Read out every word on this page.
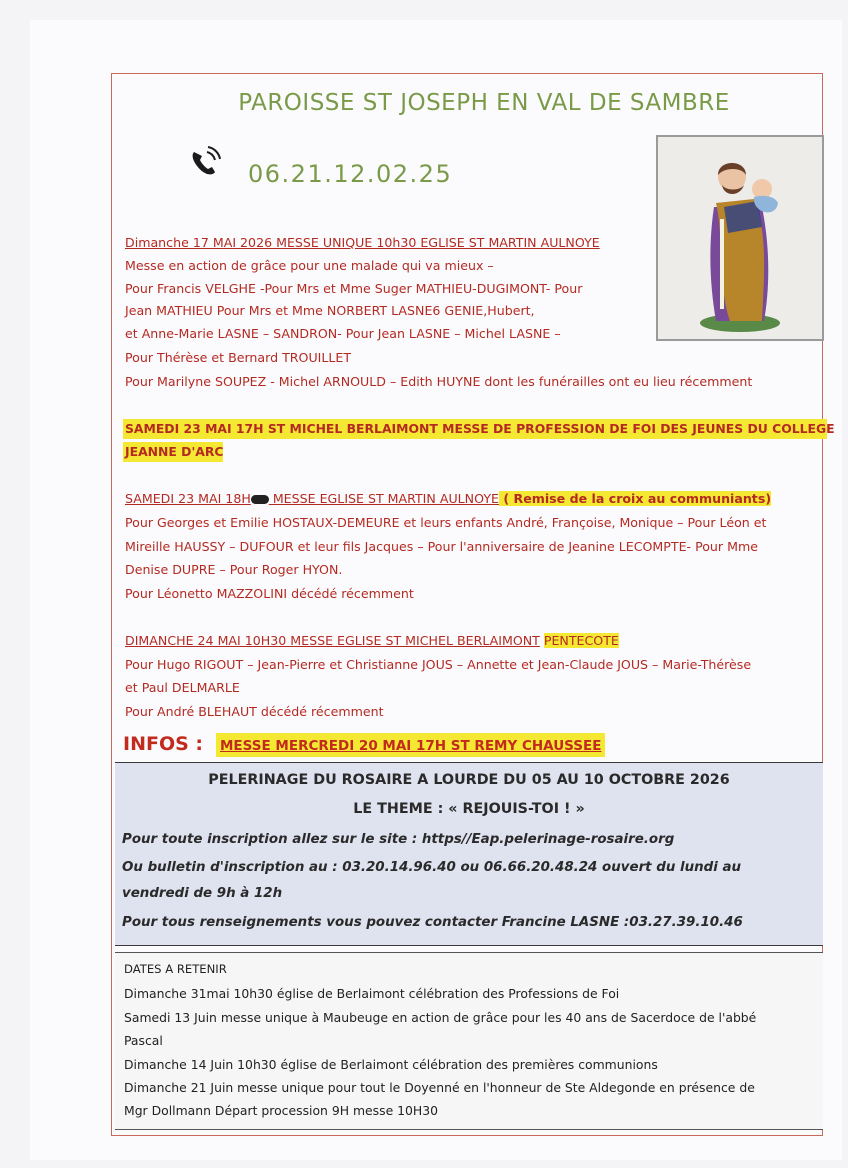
PAROISSE ST JOSEPH EN VAL DE SAMBRE
06.21.12.02.25
Dimanche 17 MAI 2026 MESSE UNIQUE 10h30 EGLISE ST MARTIN AULNOYE
Messe en action de grâce pour une malade qui va mieux –
Pour Francis VELGHE -Pour Mrs et Mme Suger MATHIEU-DUGIMONT- Pour
Jean MATHIEU Pour Mrs et Mme NORBERT LASNE6 GENIE,Hubert,
et Anne-Marie LASNE – SANDRON- Pour Jean LASNE – Michel LASNE –
Pour Thérèse et Bernard TROUILLET
Pour Marilyne SOUPEZ - Michel ARNOULD – Edith HUYNE dont les funérailles ont eu lieu récemment
SAMEDI 23 MAI 17H ST MICHEL BERLAIMONT MESSE DE PROFESSION DE FOI DES JEUNES DU COLLEGE
JEANNE D'ARC
SAMEDI 23 MAI 18H MESSE EGLISE ST MARTIN AULNOYE ( Remise de la croix au communiants)
Pour Georges et Emilie HOSTAUX-DEMEURE et leurs enfants André, Françoise, Monique – Pour Léon et
Mireille HAUSSY – DUFOUR et leur fils Jacques – Pour l'anniversaire de Jeanine LECOMPTE- Pour Mme
Denise DUPRE – Pour Roger HYON.
Pour Léonetto MAZZOLINI décédé récemment
DIMANCHE 24 MAI 10H30 MESSE EGLISE ST MICHEL BERLAIMONT PENTECOTE
Pour Hugo RIGOUT – Jean-Pierre et Christianne JOUS – Annette et Jean-Claude JOUS – Marie-Thérèse
et Paul DELMARLE
Pour André BLEHAUT décédé récemment
INFOS : MESSE MERCREDI 20 MAI 17H ST REMY CHAUSSEE
PELERINAGE DU ROSAIRE A LOURDE DU 05 AU 10 OCTOBRE 2026
LE THEME : « REJOUIS-TOI ! »
Pour toute inscription allez sur le site : https//Eap.pelerinage-rosaire.org
Ou bulletin d'inscription au : 03.20.14.96.40 ou 06.66.20.48.24 ouvert du lundi au
vendredi de 9h à 12h
Pour tous renseignements vous pouvez contacter Francine LASNE :03.27.39.10.46
DATES A RETENIR
Dimanche 31mai 10h30 église de Berlaimont célébration des Professions de Foi
Samedi 13 Juin messe unique à Maubeuge en action de grâce pour les 40 ans de Sacerdoce de l'abbé
Pascal
Dimanche 14 Juin 10h30 église de Berlaimont célébration des premières communions
Dimanche 21 Juin messe unique pour tout le Doyenné en l'honneur de Ste Aldegonde en présence de
Mgr Dollmann Départ procession 9H messe 10H30
